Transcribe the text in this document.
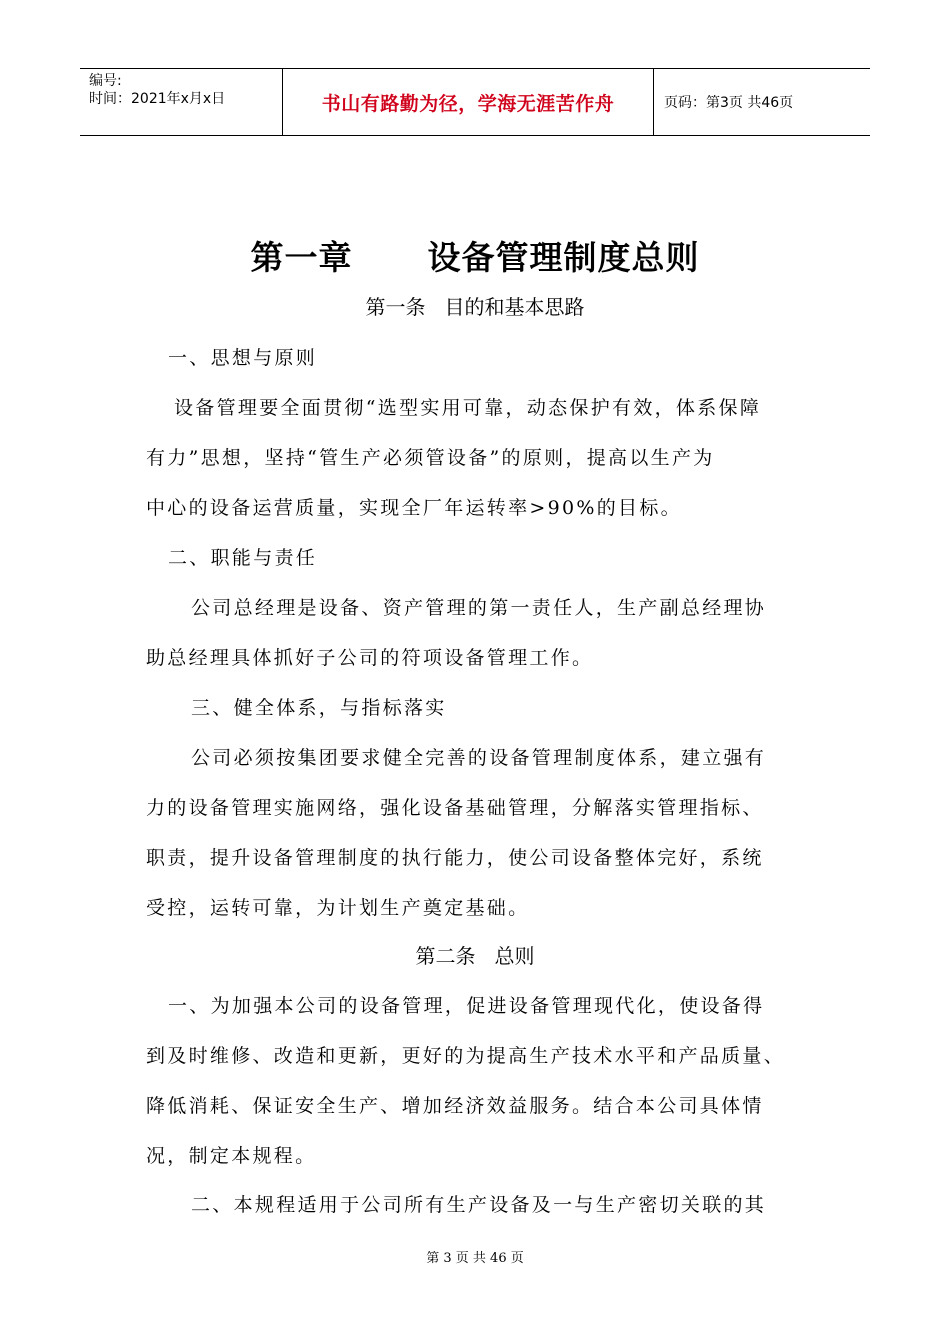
编号:
时间：2021年x月x日	书山有路勤为径，学海无涯苦作舟	页码：第3页 共46页
第一章      设备管理制度总则
第一条   目的和基本思路
一、思想与原则
设备管理要全面贯彻“选型实用可靠，动态保护有效，体系保障
有力”思想，坚持“管生产必须管设备”的原则，提高以生产为
中心的设备运营质量，实现全厂年运转率>90%的目标。
二、职能与责任
公司总经理是设备、资产管理的第一责任人，生产副总经理协
助总经理具体抓好子公司的符项设备管理工作。
三、健全体系，与指标落实
公司必须按集团要求健全完善的设备管理制度体系，建立强有
力的设备管理实施网络，强化设备基础管理，分解落实管理指标、
职责，提升设备管理制度的执行能力，使公司设备整体完好，系统
受控，运转可靠，为计划生产奠定基础。
第二条   总则
一、为加强本公司的设备管理，促进设备管理现代化，使设备得
到及时维修、改造和更新，更好的为提高生产技术水平和产品质量、
降低消耗、保证安全生产、增加经济效益服务。结合本公司具体情
况，制定本规程。
二、本规程适用于公司所有生产设备及一与生产密切关联的其
第 3 页 共 46 页
